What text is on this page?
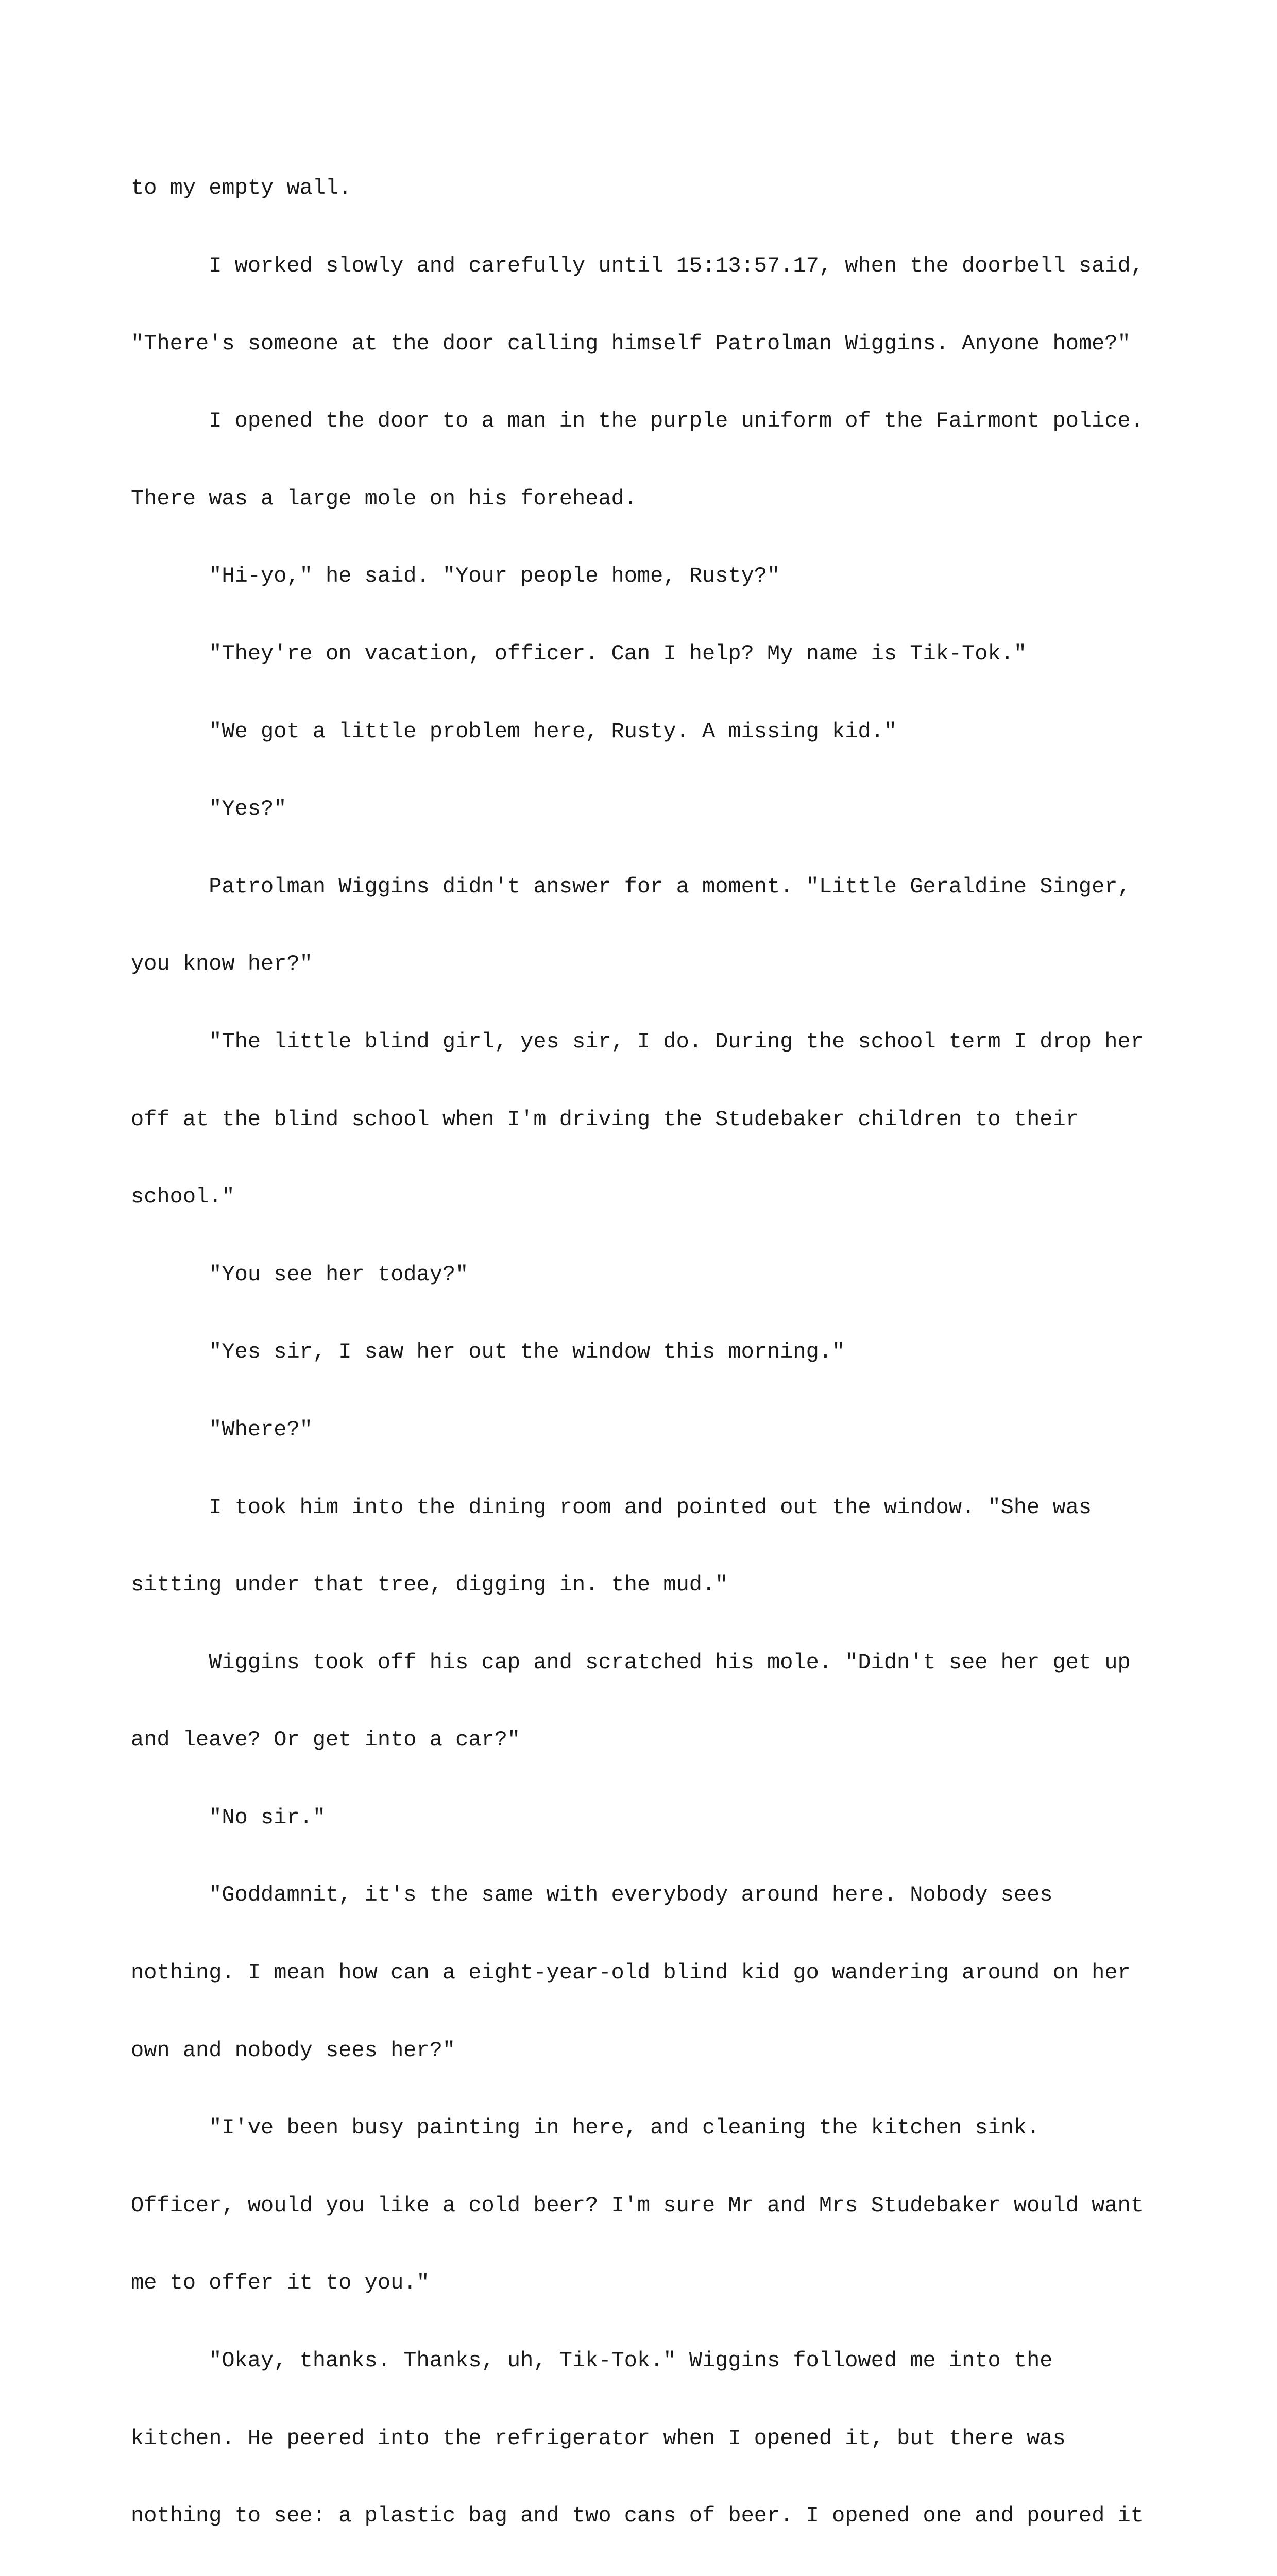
to my empty wall.

I worked slowly and carefully until 15:13:57.17, when the doorbell said,

"There's someone at the door calling himself Patrolman Wiggins. Anyone home?"

I opened the door to a man in the purple uniform of the Fairmont police.

There was a large mole on his forehead.

"Hi-yo," he said. "Your people home, Rusty?"

"They're on vacation, officer. Can I help? My name is Tik-Tok."

"We got a little problem here, Rusty. A missing kid."

"Yes?"

Patrolman Wiggins didn't answer for a moment. "Little Geraldine Singer,

you know her?"

"The little blind girl, yes sir, I do. During the school term I drop her

off at the blind school when I'm driving the Studebaker children to their

school."

"You see her today?"

"Yes sir, I saw her out the window this morning."

"Where?"

I took him into the dining room and pointed out the window. "She was

sitting under that tree, digging in. the mud."

Wiggins took off his cap and scratched his mole. "Didn't see her get up

and leave? Or get into a car?"

"No sir."

"Goddamnit, it's the same with everybody around here. Nobody sees

nothing. I mean how can a eight-year-old blind kid go wandering around on her

own and nobody sees her?"

"I've been busy painting in here, and cleaning the kitchen sink.

Officer, would you like a cold beer? I'm sure Mr and Mrs Studebaker would want

me to offer it to you."

"Okay, thanks. Thanks, uh, Tik-Tok." Wiggins followed me into the

kitchen. He peered into the refrigerator when I opened it, but there was

nothing to see: a plastic bag and two cans of beer. I opened one and poured it
